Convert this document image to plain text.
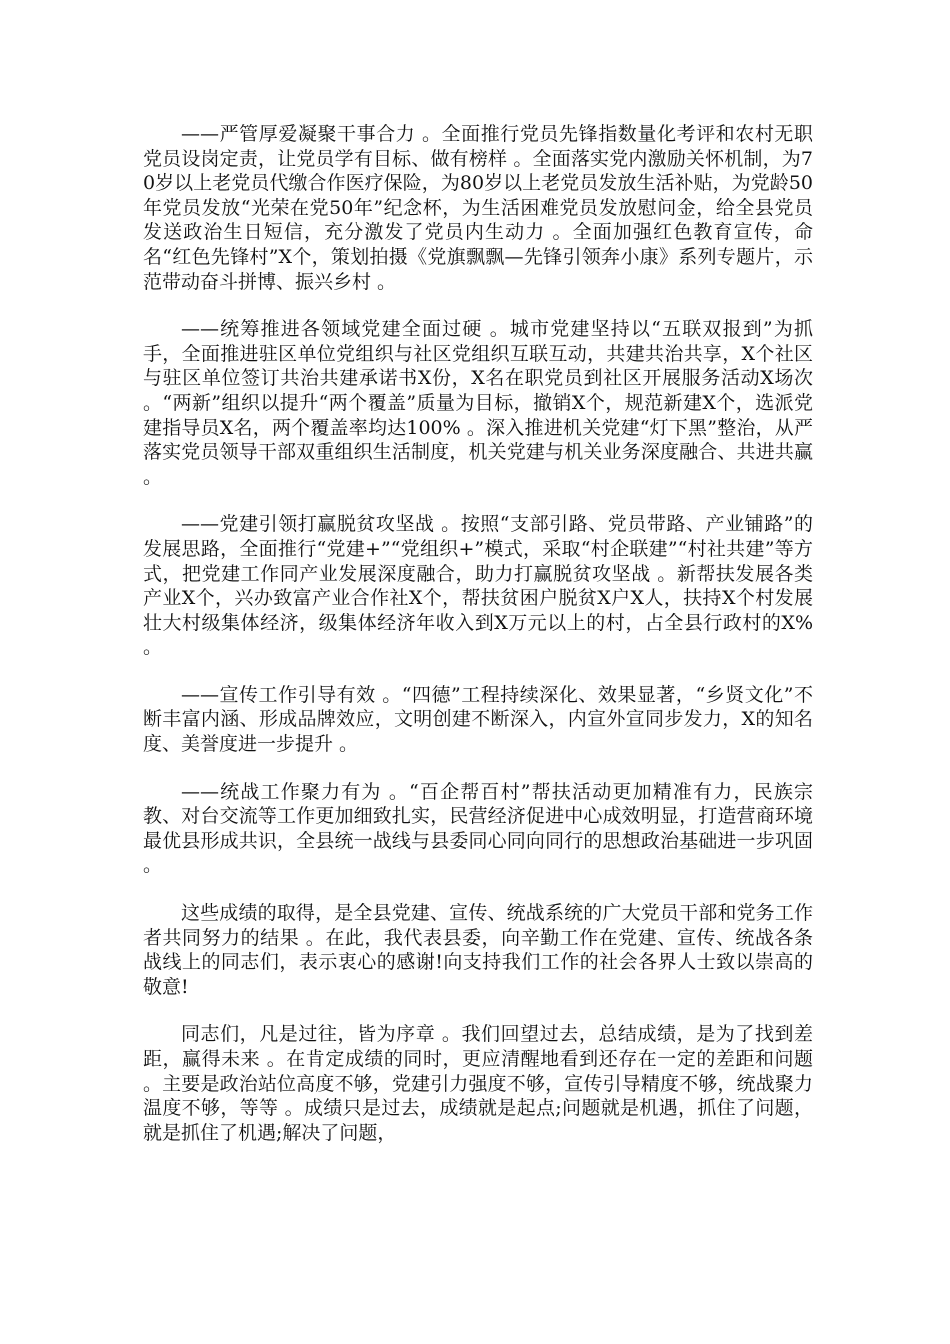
——严管厚爱凝聚干事合力 。全面推行党员先锋指数量化考评和农村无职党员设岗定责，让党员学有目标、做有榜样 。全面落实党内激励关怀机制，为70岁以上老党员代缴合作医疗保险，为80岁以上老党员发放生活补贴，为党龄50年党员发放“光荣在党50年”纪念杯，为生活困难党员发放慰问金，给全县党员发送政治生日短信，充分激发了党员内生动力 。全面加强红色教育宣传，命名“红色先锋村”X个，策划拍摄《党旗飘飘—先锋引领奔小康》系列专题片，示范带动奋斗拼博、振兴乡村 。

——统筹推进各领域党建全面过硬 。城市党建坚持以“五联双报到”为抓手，全面推进驻区单位党组织与社区党组织互联互动，共建共治共享，X个社区与驻区单位签订共治共建承诺书X份，X名在职党员到社区开展服务活动X场次 。“两新”组织以提升“两个覆盖”质量为目标，撤销X个，规范新建X个，选派党建指导员X名，两个覆盖率均达100% 。深入推进机关党建“灯下黑”整治，从严落实党员领导干部双重组织生活制度，机关党建与机关业务深度融合、共进共赢 。

——党建引领打赢脱贫攻坚战 。按照“支部引路、党员带路、产业铺路”的发展思路，全面推行“党建+”“党组织+”模式，采取“村企联建”“村社共建”等方式，把党建工作同产业发展深度融合，助力打赢脱贫攻坚战 。新帮扶发展各类产业X个，兴办致富产业合作社X个，帮扶贫困户脱贫X户X人，扶持X个村发展壮大村级集体经济，级集体经济年收入到X万元以上的村，占全县行政村的X% 。

——宣传工作引导有效 。“四德”工程持续深化、效果显著，“乡贤文化”不断丰富内涵、形成品牌效应，文明创建不断深入，内宣外宣同步发力，X的知名度、美誉度进一步提升 。

——统战工作聚力有为 。“百企帮百村”帮扶活动更加精准有力，民族宗教、对台交流等工作更加细致扎实，民营经济促进中心成效明显，打造营商环境最优县形成共识，全县统一战线与县委同心同向同行的思想政治基础进一步巩固 。

这些成绩的取得，是全县党建、宣传、统战系统的广大党员干部和党务工作者共同努力的结果 。在此，我代表县委，向辛勤工作在党建、宣传、统战各条战线上的同志们，表示衷心的感谢!向支持我们工作的社会各界人士致以崇高的敬意!

同志们，凡是过往，皆为序章 。我们回望过去，总结成绩，是为了找到差距，赢得未来 。在肯定成绩的同时，更应清醒地看到还存在一定的差距和问题 。主要是政治站位高度不够，党建引力强度不够，宣传引导精度不够，统战聚力温度不够，等等 。成绩只是过去，成绩就是起点;问题就是机遇，抓住了问题，就是抓住了机遇;解决了问题，
